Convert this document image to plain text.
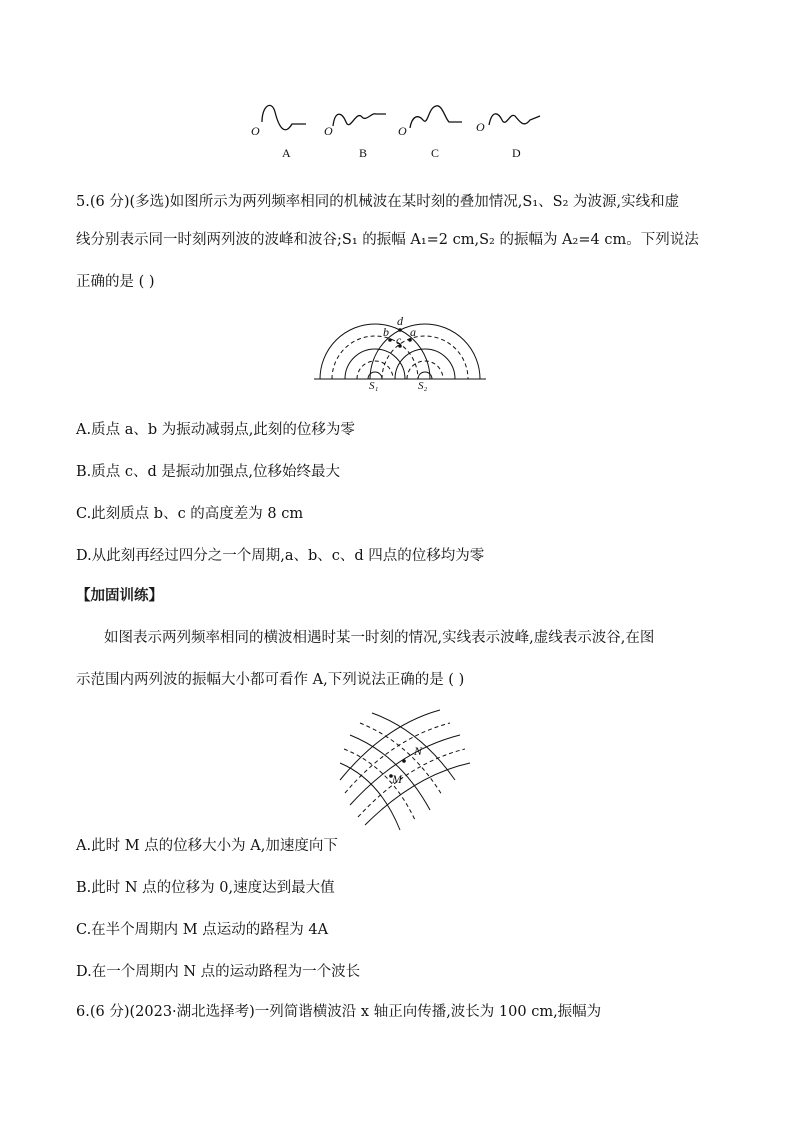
O	O	O	O
A	B	C	D
5.(6 分)(多选)如图所示为两列频率相同的机械波在某时刻的叠加情况,S₁、S₂ 为波源,实线和虚
线分别表示同一时刻两列波的波峰和波谷;S₁ 的振幅 A₁=2 cm,S₂ 的振幅为 A₂=4 cm。下列说法
正确的是 ( )
d
b a
c
S₁	S₂
A.质点 a、b 为振动减弱点,此刻的位移为零
B.质点 c、d 是振动加强点,位移始终最大
C.此刻质点 b、c 的高度差为 8 cm
D.从此刻再经过四分之一个周期,a、b、c、d 四点的位移均为零
【加固训练】
如图表示两列频率相同的横波相遇时某一时刻的情况,实线表示波峰,虚线表示波谷,在图
示范围内两列波的振幅大小都可看作 A,下列说法正确的是 ( )
N
M
A.此时 M 点的位移大小为 A,加速度向下
B.此时 N 点的位移为 0,速度达到最大值
C.在半个周期内 M 点运动的路程为 4A
D.在一个周期内 N 点的运动路程为一个波长
6.(6 分)(2023·湖北选择考)一列简谐横波沿 x 轴正向传播,波长为 100 cm,振幅为
